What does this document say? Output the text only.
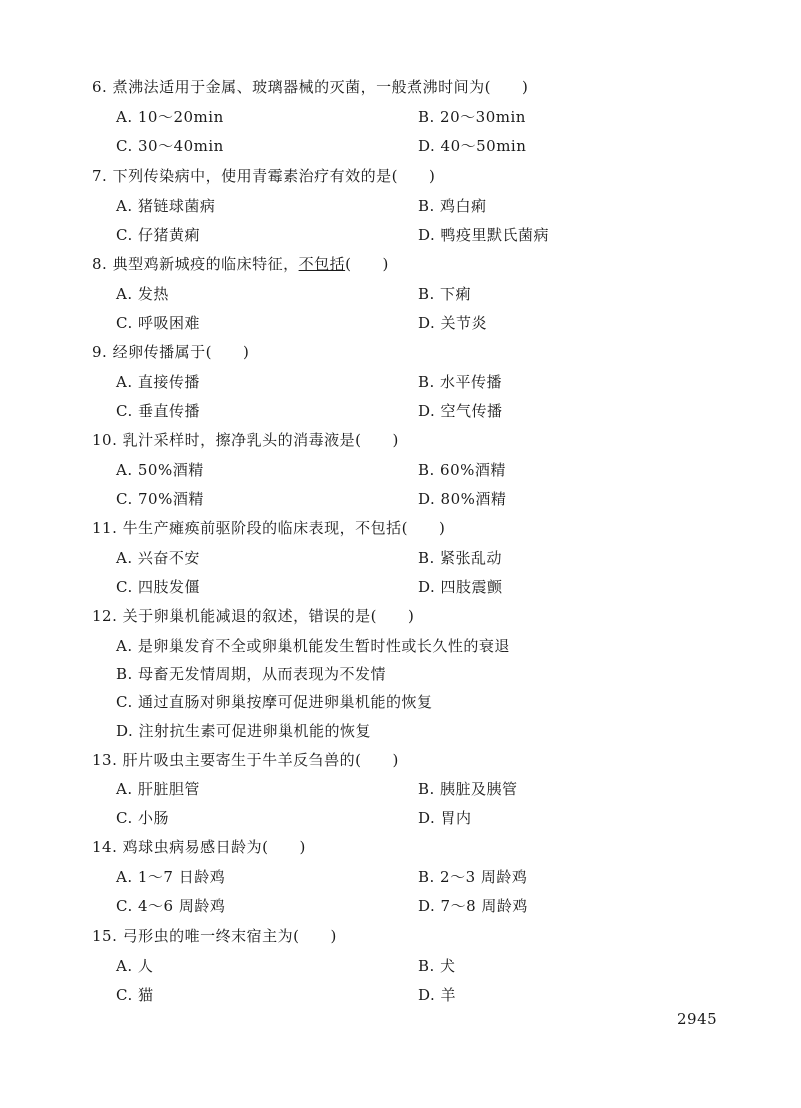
6. 煮沸法适用于金属、玻璃器械的灭菌，一般煮沸时间为(　　)
A. 10～20min	B. 20～30min
C. 30～40min	D. 40～50min
7. 下列传染病中，使用青霉素治疗有效的是(　　)
A. 猪链球菌病	B. 鸡白痢
C. 仔猪黄痢	D. 鸭疫里默氏菌病
8. 典型鸡新城疫的临床特征，不包括(　　)
A. 发热	B. 下痢
C. 呼吸困难	D. 关节炎
9. 经卵传播属于(　　)
A. 直接传播	B. 水平传播
C. 垂直传播	D. 空气传播
10. 乳汁采样时，擦净乳头的消毒液是(　　)
A. 50%酒精	B. 60%酒精
C. 70%酒精	D. 80%酒精
11. 牛生产瘫痪前驱阶段的临床表现，不包括(　　)
A. 兴奋不安	B. 紧张乱动
C. 四肢发僵	D. 四肢震颤
12. 关于卵巢机能减退的叙述，错误的是(　　)
A. 是卵巢发育不全或卵巢机能发生暂时性或长久性的衰退
B. 母畜无发情周期，从而表现为不发情
C. 通过直肠对卵巢按摩可促进卵巢机能的恢复
D. 注射抗生素可促进卵巢机能的恢复
13. 肝片吸虫主要寄生于牛羊反刍兽的(　　)
A. 肝脏胆管	B. 胰脏及胰管
C. 小肠	D. 胃内
14. 鸡球虫病易感日龄为(　　)
A. 1～7 日龄鸡	B. 2～3 周龄鸡
C. 4～6 周龄鸡	D. 7～8 周龄鸡
15. 弓形虫的唯一终末宿主为(　　)
A. 人	B. 犬
C. 猫	D. 羊
2945
